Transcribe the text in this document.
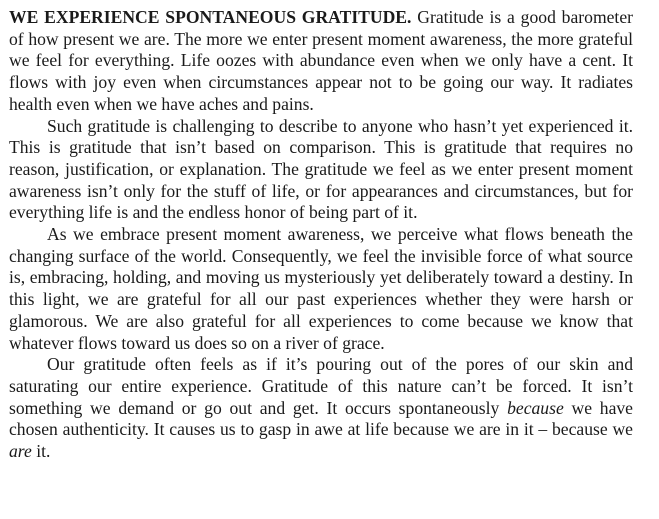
WE EXPERIENCE SPONTANEOUS GRATITUDE. Gratitude is a good barometer of how present we are. The more we enter present moment awareness, the more grateful we feel for everything. Life oozes with abundance even when we only have a cent. It flows with joy even when circumstances appear not to be going our way. It radiates health even when we have aches and pains.

Such gratitude is challenging to describe to anyone who hasn’t yet experienced it. This is gratitude that isn’t based on comparison. This is gratitude that requires no reason, justification, or explanation. The gratitude we feel as we enter present moment awareness isn’t only for the stuff of life, or for appearances and circumstances, but for everything life is and the endless honor of being part of it.

As we embrace present moment awareness, we perceive what flows beneath the changing surface of the world. Consequently, we feel the invisible force of what source is, embracing, holding, and moving us mysteriously yet deliberately toward a destiny. In this light, we are grateful for all our past experiences whether they were harsh or glamorous. We are also grateful for all experiences to come because we know that whatever flows toward us does so on a river of grace.

Our gratitude often feels as if it’s pouring out of the pores of our skin and saturating our entire experience. Gratitude of this nature can’t be forced. It isn’t something we demand or go out and get. It occurs spontaneously because we have chosen authenticity. It causes us to gasp in awe at life because we are in it – because we are it.
